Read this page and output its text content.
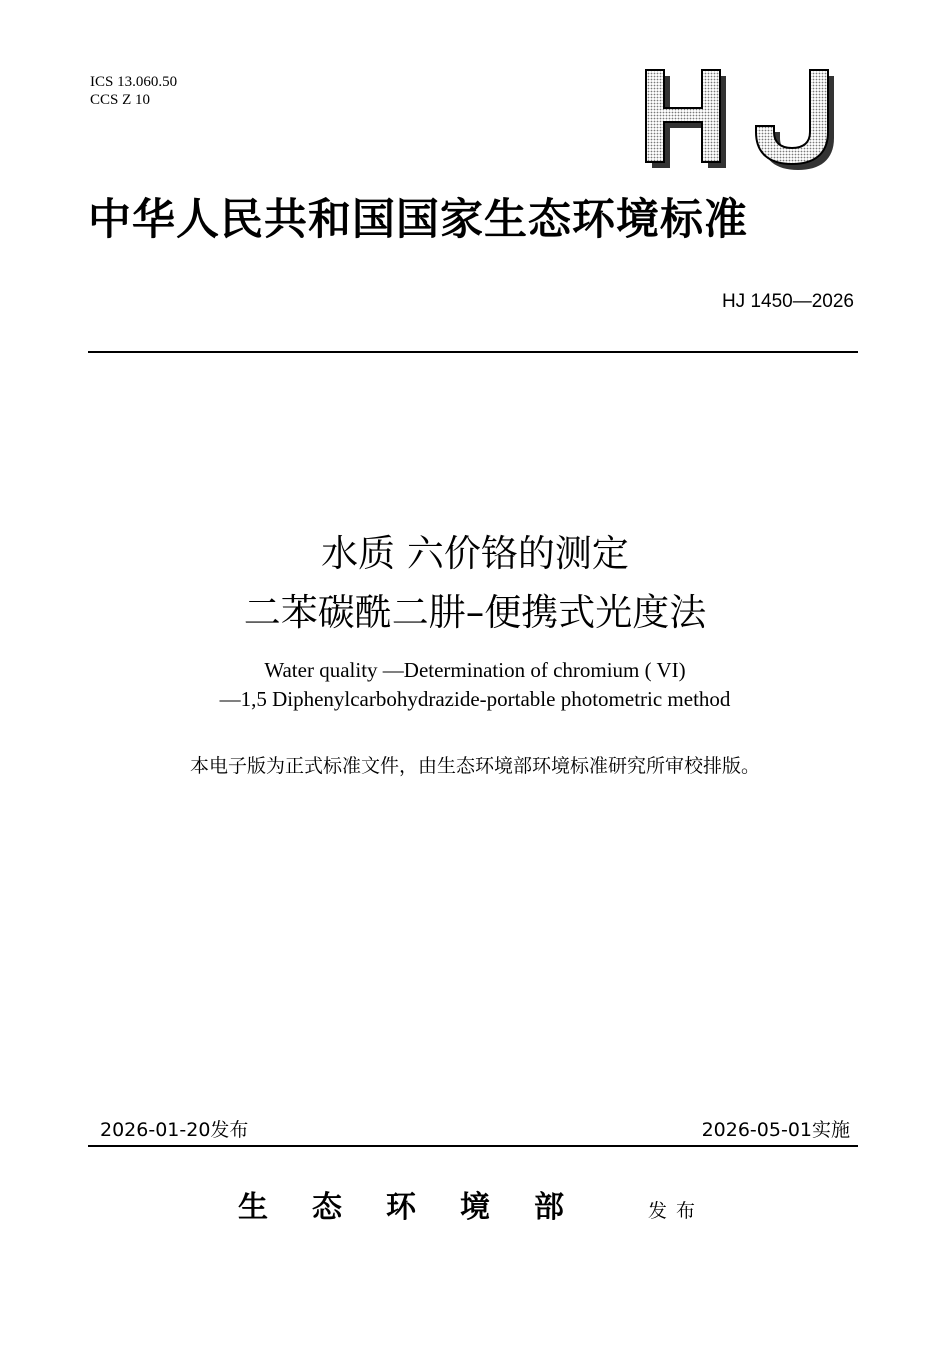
ICS 13.060.50
CCS Z 10
中华人民共和国国家生态环境标准
HJ 1450—2026
水质 六价铬的测定
二苯碳酰二肼–便携式光度法
Water quality —Determination of chromium ( VI)
—1,5 Diphenylcarbohydrazide-portable photometric method
本电子版为正式标准文件，由生态环境部环境标准研究所审校排版。
2026-01-20发布	2026-05-01实施
生态环境部 发布
